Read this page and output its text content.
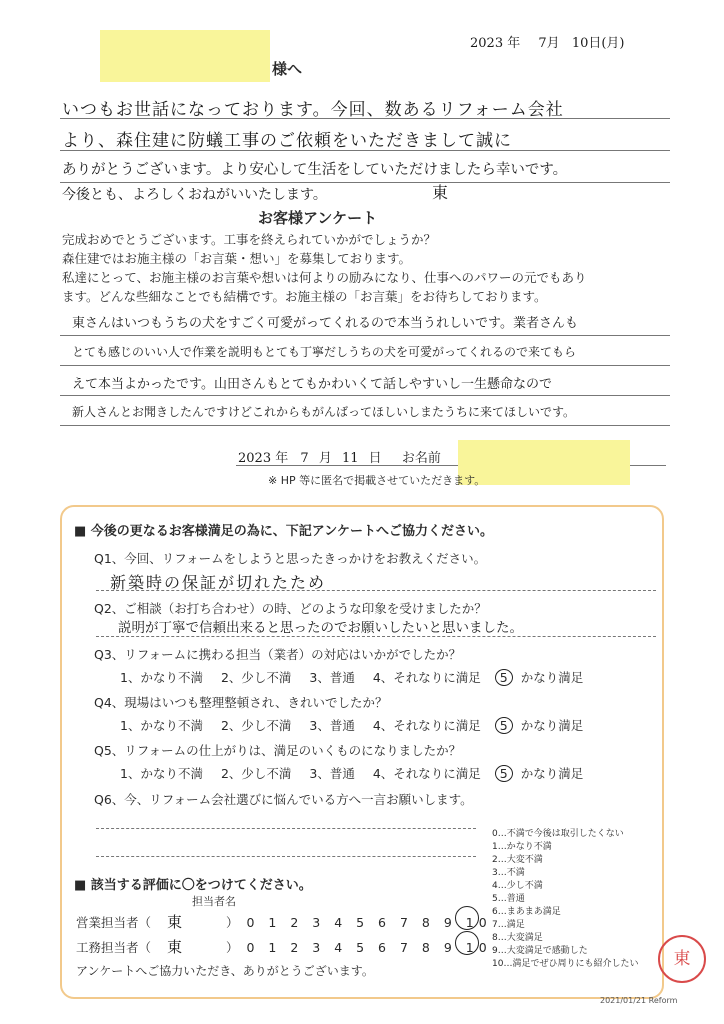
2023 年 7月 10日(月)
様へ
いつもお世話になっております。今回、数あるリフォーム会社
より、森住建に防蟻工事のご依頼をいただきまして誠に
ありがとうございます。より安心して生活をしていただけましたら幸いです。
今後とも、よろしくおねがいいたします。	東
お客様アンケート
完成おめでとうございます。工事を終えられていかがでしょうか？
森住建ではお施主様の「お言葉・想い」を募集しております。
私達にとって、お施主様のお言葉や想いは何よりの励みになり、仕事へのパワーの元でもあり
ます。どんな些細なことでも結構です。お施主様の「お言葉」をお待ちしております。
東さんはいつもうちの犬をすごく可愛がってくれるので本当うれしいです。業者さんも
とても感じのいい人で作業を説明もとても丁寧だしうちの犬を可愛がってくれるので来てもら
えて本当よかったです。山田さんもとてもかわいくて話しやすいし一生懸命なので
新人さんとお聞きしたんですけどこれからもがんばってほしいしまたうちに来てほしいです。
2023 年 7 月 11 日 お名前
※ HP 等に匿名で掲載させていただきます。
■ 今後の更なるお客様満足の為に、下記アンケートへご協力ください。
Q1、今回、リフォームをしようと思ったきっかけをお教えください。
新築時の保証が切れたため
Q2、ご相談（お打ち合わせ）の時、どのような印象を受けましたか？
説明が丁寧で信頼出来ると思ったのでお願いしたいと思いました。
Q3、リフォームに携わる担当（業者）の対応はいかがでしたか？
1、かなり不満 2、少し不満 3、普通 4、それなりに満足 5 かなり満足
Q4、現場はいつも整理整頓され、きれいでしたか？
1、かなり不満 2、少し不満 3、普通 4、それなりに満足 5 かなり満足
Q5、リフォームの仕上がりは、満足のいくものになりましたか？
1、かなり不満 2、少し不満 3、普通 4、それなりに満足 5 かなり満足
Q6、今、リフォーム会社選びに悩んでいる方へ一言お願いします。
0…不満で今後は取引したくない
1…かなり不満
2…大変不満
3…不満
4…少し不満
5…普通
6…まあまあ満足
7…満足
8…大変満足
9…大変満足で感動した
10…満足でぜひ周りにも紹介したい
■ 該当する評価に〇をつけてください。
担当者名
営業担当者（ 東	） 0 1 2 3 4 5 6 7 8 9 10
工務担当者（ 東	） 0 1 2 3 4 5 6 7 8 9 10
アンケートへご協力いただき、ありがとうございます。
東
2021/01/21 Reform
